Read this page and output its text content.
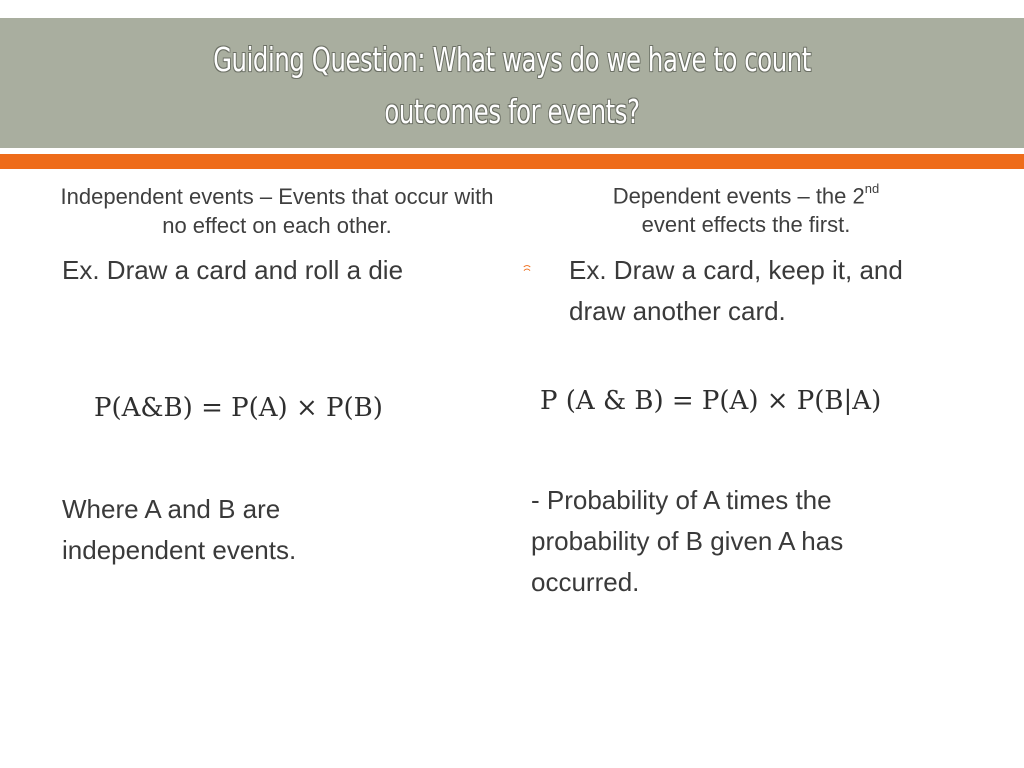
Guiding Question: What ways do we have to count outcomes for events?
Independent events – Events that occur with no effect on each other.
Ex. Draw a card and roll a die
P(A&B) = P(A) × P(B)
Where A and B are independent events.
Dependent events – the 2nd
event effects the first.
Ex. Draw a card, keep it, and draw another card.
P (A & B) = P(A) × P(B|A)
- Probability of A times the probability of B given A has occurred.
